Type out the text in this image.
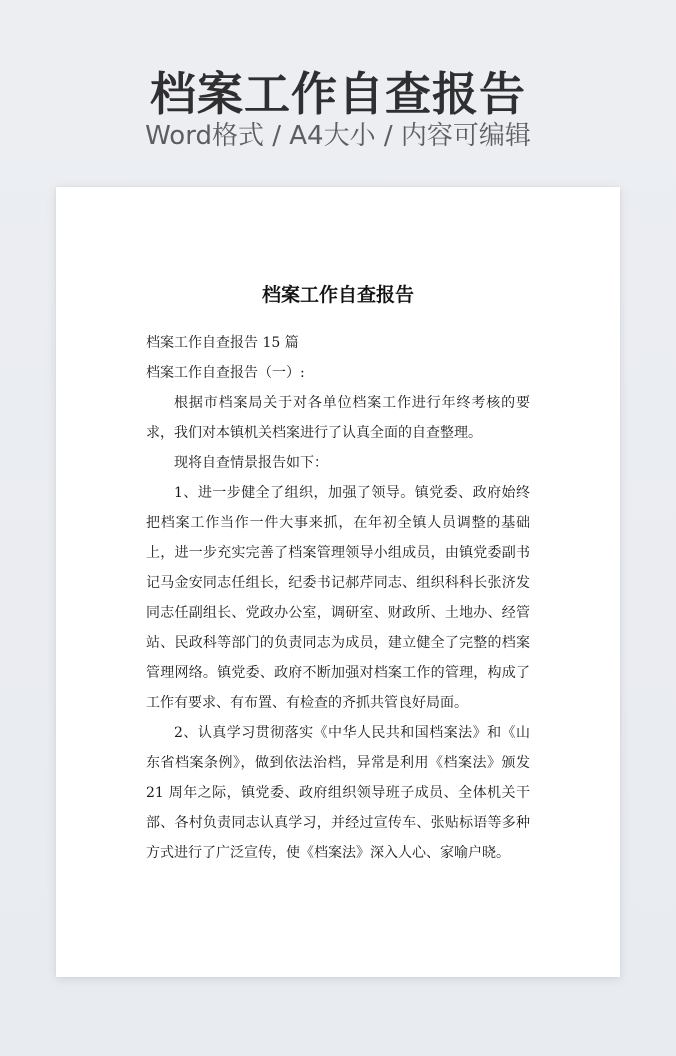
档案工作自查报告
Word格式 / A4大小 / 内容可编辑
档案工作自查报告

档案工作自查报告 15 篇

档案工作自查报告（一）:

根据市档案局关于对各单位档案工作进行年终考核的要求，我们对本镇机关档案进行了认真全面的自查整理。

现将自查情景报告如下：

1、进一步健全了组织，加强了领导。镇党委、政府始终把档案工作当作一件大事来抓，在年初全镇人员调整的基础上，进一步充实完善了档案管理领导小组成员，由镇党委副书记马金安同志任组长，纪委书记郝芹同志、组织科科长张济发同志任副组长、党政办公室，调研室、财政所、土地办、经管站、民政科等部门的负责同志为成员，建立健全了完整的档案管理网络。镇党委、政府不断加强对档案工作的管理，构成了工作有要求、有布置、有检查的齐抓共管良好局面。

2、认真学习贯彻落实《中华人民共和国档案法》和《山东省档案条例》，做到依法治档，异常是利用《档案法》颁发 21 周年之际，镇党委、政府组织领导班子成员、全体机关干部、各村负责同志认真学习，并经过宣传车、张贴标语等多种方式进行了广泛宣传，使《档案法》深入人心、家喻户晓。
